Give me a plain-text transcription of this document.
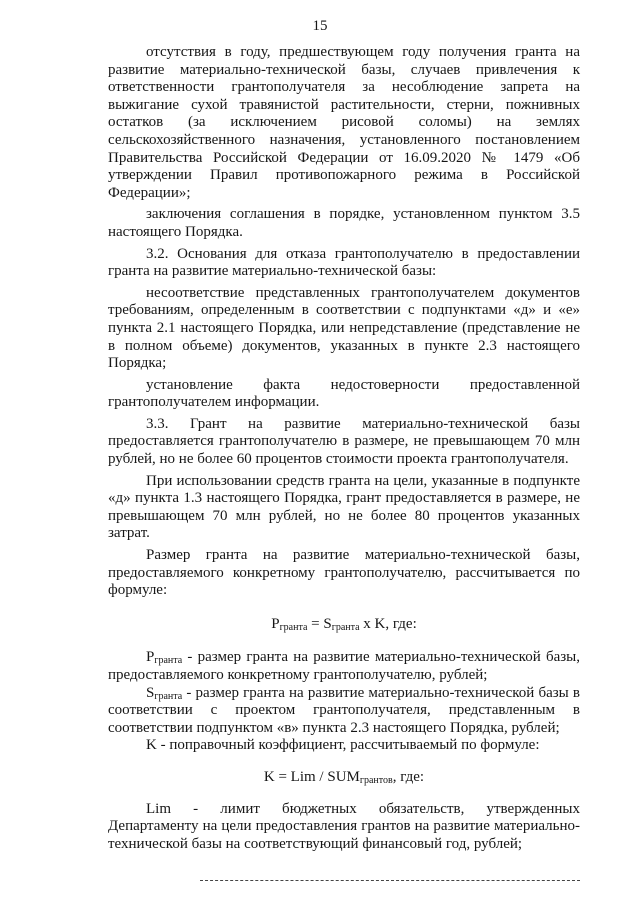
15

отсутствия в году, предшествующем году получения гранта на развитие материально-технической базы, случаев привлечения к ответственности грантополучателя за несоблюдение запрета на выжигание сухой травянистой растительности, стерни, пожнивных остатков (за исключением рисовой соломы) на землях сельскохозяйственного назначения, установленного постановлением Правительства Российской Федерации от 16.09.2020 № 1479 «Об утверждении Правил противопожарного режима в Российской Федерации»;

заключения соглашения в порядке, установленном пунктом 3.5 настоящего Порядка.

3.2. Основания для отказа грантополучателю в предоставлении гранта на развитие материально-технической базы:

несоответствие представленных грантополучателем документов требованиям, определенным в соответствии с подпунктами «д» и «е» пункта 2.1 настоящего Порядка, или непредставление (представление не в полном объеме) документов, указанных в пункте 2.3 настоящего Порядка;

установление факта недостоверности предоставленной грантополучателем информации.

3.3. Грант на развитие материально-технической базы предоставляется грантополучателю в размере, не превышающем 70 млн рублей, но не более 60 процентов стоимости проекта грантополучателя.

При использовании средств гранта на цели, указанные в подпункте «д» пункта 1.3 настоящего Порядка, грант предоставляется в размере, не превышающем 70 млн рублей, но не более 80 процентов указанных затрат.

Размер гранта на развитие материально-технической базы, предоставляемого конкретному грантополучателю, рассчитывается по формуле:

$P_{гранта} = S_{гранта}$ x K, где:

$P_{гранта}$ - размер гранта на развитие материально-технической базы, предоставляемого конкретному грантополучателю, рублей;

$S_{гранта}$ - размер гранта на развитие материально-технической базы в соответствии с проектом грантополучателя, представленным в соответствии подпунктом «в» пункта 2.3 настоящего Порядка, рублей;

K - поправочный коэффициент, рассчитываемый по формуле:

K = Lim / $SUM_{грантов}$, где:

Lim - лимит бюджетных обязательств, утвержденных Департаменту на цели предоставления грантов на развитие материально-технической базы на соответствующий финансовый год, рублей;
